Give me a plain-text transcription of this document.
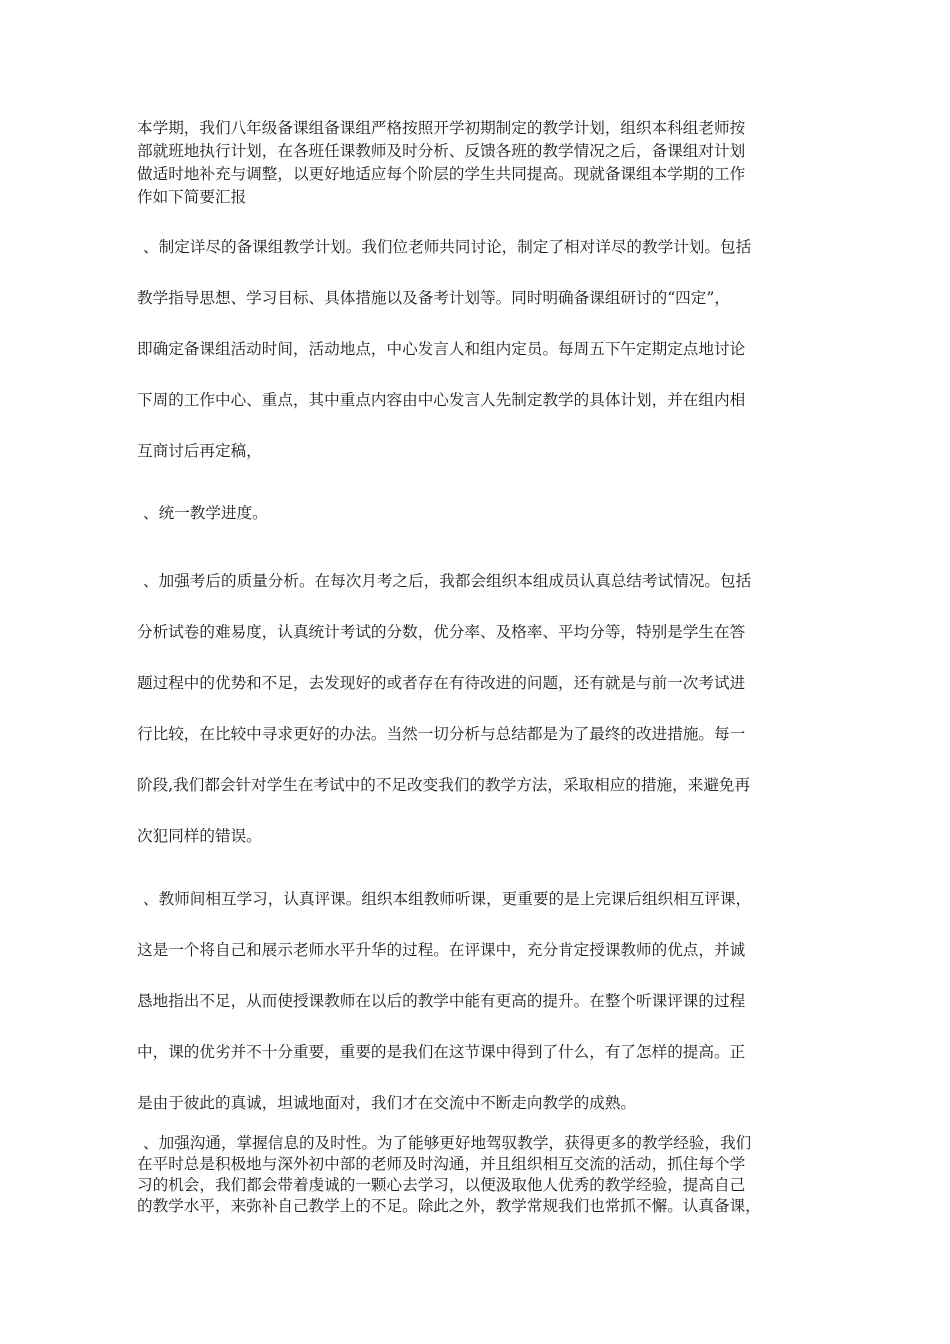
本学期，我们八年级备课组备课组严格按照开学初期制定的教学计划，组织本科组老师按
部就班地执行计划，在各班任课教师及时分析、反馈各班的教学情况之后，备课组对计划
做适时地补充与调整，以更好地适应每个阶层的学生共同提高。现就备课组本学期的工作
作如下简要汇报
、制定详尽的备课组教学计划。我们位老师共同讨论，制定了相对详尽的教学计划。包括
教学指导思想、学习目标、具体措施以及备考计划等。同时明确备课组研讨的“四定”，
即确定备课组活动时间，活动地点，中心发言人和组内定员。每周五下午定期定点地讨论
下周的工作中心、重点，其中重点内容由中心发言人先制定教学的具体计划，并在组内相
互商讨后再定稿，
、统一教学进度。
、加强考后的质量分析。在每次月考之后，我都会组织本组成员认真总结考试情况。包括
分析试卷的难易度，认真统计考试的分数，优分率、及格率、平均分等，特别是学生在答
题过程中的优势和不足，去发现好的或者存在有待改进的问题，还有就是与前一次考试进
行比较，在比较中寻求更好的办法。当然一切分析与总结都是为了最终的改进措施。每一
阶段,我们都会针对学生在考试中的不足改变我们的教学方法，采取相应的措施，来避免再
次犯同样的错误。
、教师间相互学习，认真评课。组织本组教师听课，更重要的是上完课后组织相互评课，
这是一个将自己和展示老师水平升华的过程。在评课中，充分肯定授课教师的优点，并诚
恳地指出不足，从而使授课教师在以后的教学中能有更高的提升。在整个听课评课的过程
中，课的优劣并不十分重要，重要的是我们在这节课中得到了什么，有了怎样的提高。正
是由于彼此的真诚，坦诚地面对，我们才在交流中不断走向教学的成熟。
、加强沟通，掌握信息的及时性。为了能够更好地驾驭教学，获得更多的教学经验，我们
在平时总是积极地与深外初中部的老师及时沟通，并且组织相互交流的活动，抓住每个学
习的机会，我们都会带着虔诚的一颗心去学习，以便汲取他人优秀的教学经验，提高自己
的教学水平，来弥补自己教学上的不足。除此之外，教学常规我们也常抓不懈。认真备课，
